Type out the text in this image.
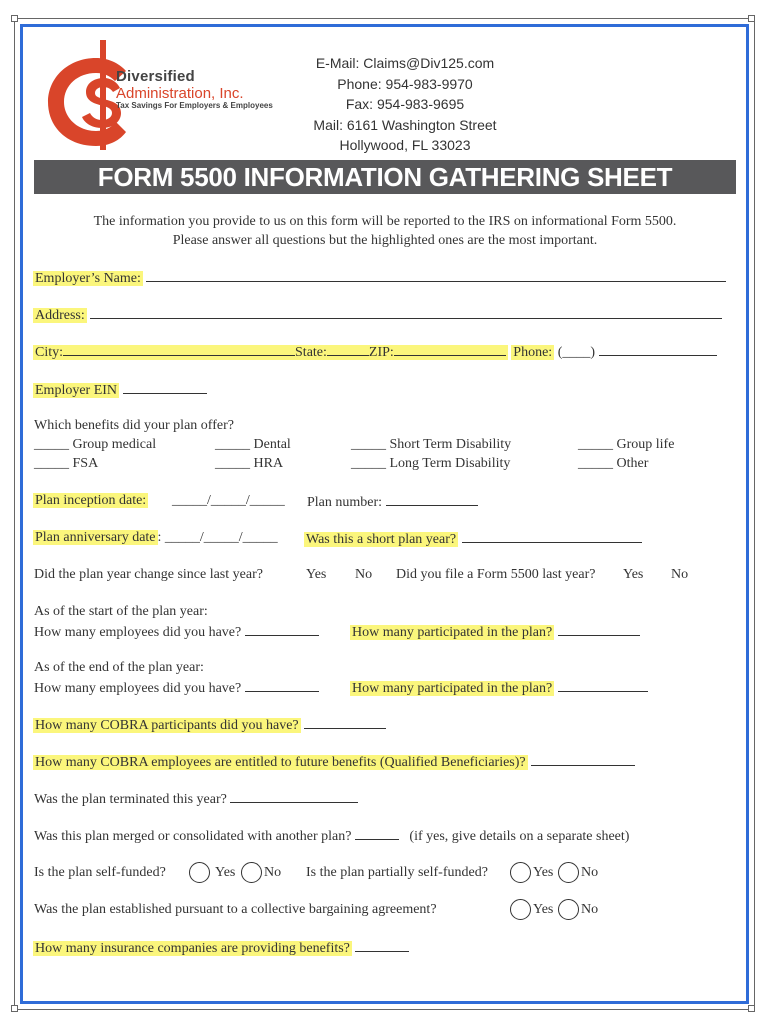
Diversified
Administration, Inc.
Tax Savings For Employers & Employees
E-Mail: Claims@Div125.com
Phone: 954-983-9970
Fax: 954-983-9695
Mail: 6161 Washington Street
Hollywood, FL 33023
FORM 5500 INFORMATION GATHERING SHEET
The information you provide to us on this form will be reported to the IRS on informational Form 5500.
Please answer all questions but the highlighted ones are the most important.
Employer’s Name:
Address:
City:	State:	ZIP:	Phone: (____)
Employer EIN
Which benefits did your plan offer?
_____ Group medical	_____ Dental	_____ Short Term Disability	_____ Group life
_____ FSA	_____ HRA	_____ Long Term Disability	_____ Other
Plan inception date: _____/_____/_____ Plan number:
Plan anniversary date : _____/_____/_____ Was this a short plan year?
Did the plan year change since last year?	Yes No Did you file a Form 5500 last year? Yes No
As of the start of the plan year:
How many employees did you have?	How many participated in the plan?
As of the end of the plan year:
How many employees did you have?	How many participated in the plan?
How many COBRA participants did you have?
How many COBRA employees are entitled to future benefits (Qualified Beneficiaries)?
Was the plan terminated this year?
Was this plan merged or consolidated with another plan?	(if yes, give details on a separate sheet)
Is the plan self-funded?	Yes No Is the plan partially self-funded?	Yes No
Was the plan established pursuant to a collective bargaining agreement?	Yes No
How many insurance companies are providing benefits?
